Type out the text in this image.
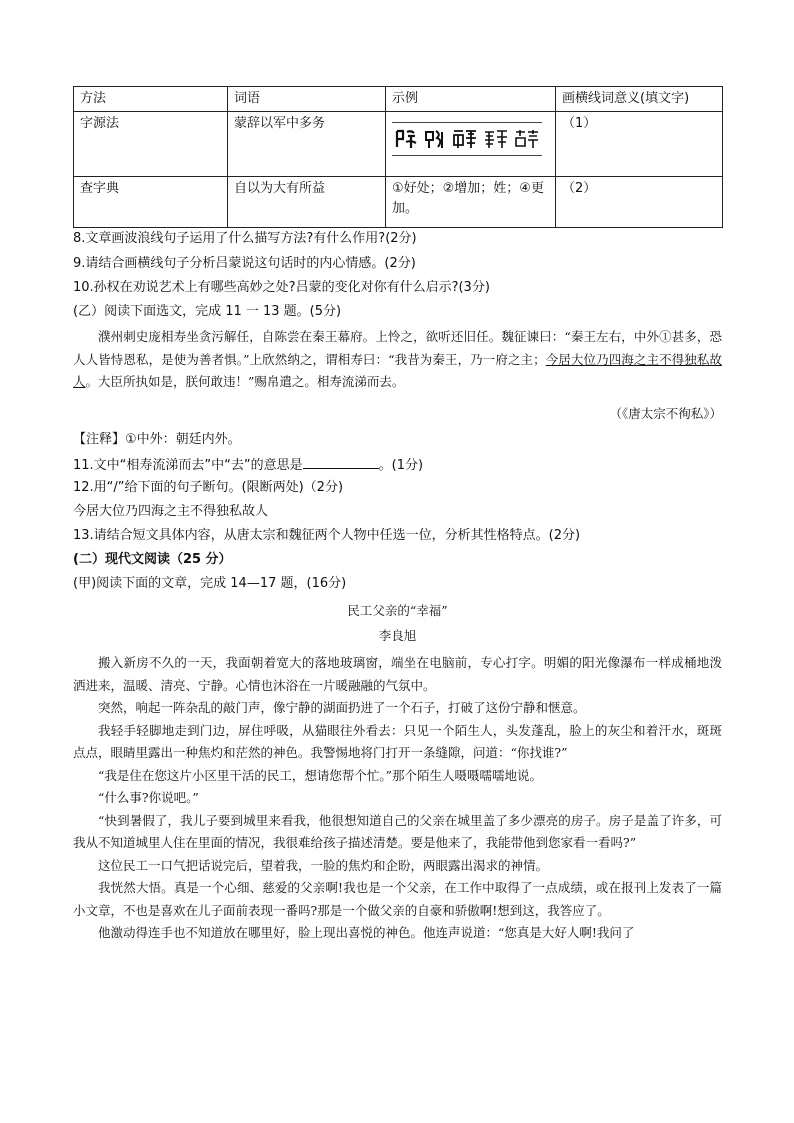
方法	词语	示例	画横线词意义(填文字)
字源法	蒙辞以军中多务		（1）
查字典	自以为大有所益	①好处；②增加；姓；④更加。	（2）
8.文章画波浪线句子运用了什么描写方法?有什么作用?(2分)
9.请结合画横线句子分析吕蒙说这句话时的内心情感。(2分)
10.孙权在劝说艺术上有哪些高妙之处?吕蒙的变化对你有什么启示?(3分)
(乙）阅读下面选文，完成 11 一 13 题。(5分)

濮州刺史庞相寿坐贪污解任，自陈尝在秦王幕府。上怜之，欲听还旧任。魏征谏曰：“秦王左右，中外①甚多，恐人人皆恃恩私，是使为善者惧。”上欣然纳之，谓相寿曰：“我昔为秦王，乃一府之主；今居大位乃四海之主不得独私故人。大臣所执如是，朕何敢违！”赐帛遣之。相寿流涕而去。

（《唐太宗不徇私》）
【注释】①中外：朝廷内外。
11.文中“相寿流涕而去”中“去”的意思是	。(1分)
12.用“/”给下面的句子断句。(限断两处)（2分)
今居大位乃四海之主不得独私故人
13.请结合短文具体内容，从唐太宗和魏征两个人物中任选一位，分析其性格特点。(2分)
(二）现代文阅读（25 分）
(甲)阅读下面的文章，完成 14—17 题，(16分)
民工父亲的“幸福”
李良旭

搬入新房不久的一天，我面朝着宽大的落地玻璃窗，端坐在电脑前，专心打字。明媚的阳光像瀑布一样成桶地泼洒进来，温暖、清亮、宁静。心情也沐浴在一片暖融融的气氛中。

突然，响起一阵杂乱的敲门声，像宁静的湖面扔进了一个石子，打破了这份宁静和惬意。

我轻手轻脚地走到门边，屏住呼吸，从猫眼往外看去：只见一个陌生人，头发蓬乱，脸上的灰尘和着汗水，斑斑点点，眼睛里露出一种焦灼和茫然的神色。我警惕地将门打开一条缝隙，问道：“你找谁?”

“我是住在您这片小区里干活的民工，想请您帮个忙。”那个陌生人嗫嗫嚅嚅地说。

“什么事?你说吧。”

“快到暑假了，我儿子要到城里来看我，他很想知道自己的父亲在城里盖了多少漂亮的房子。房子是盖了许多，可我从不知道城里人住在里面的情况，我很难给孩子描述清楚。要是他来了，我能带他到您家看一看吗?”

这位民工一口气把话说完后，望着我，一脸的焦灼和企盼，两眼露出渴求的神情。

我恍然大悟。真是一个心细、慈爱的父亲啊!我也是一个父亲，在工作中取得了一点成绩，或在报刊上发表了一篇小文章，不也是喜欢在儿子面前表现一番吗?那是一个做父亲的自豪和骄傲啊!想到这，我答应了。

他激动得连手也不知道放在哪里好，脸上现出喜悦的神色。他连声说道：“您真是大好人啊!我问了
